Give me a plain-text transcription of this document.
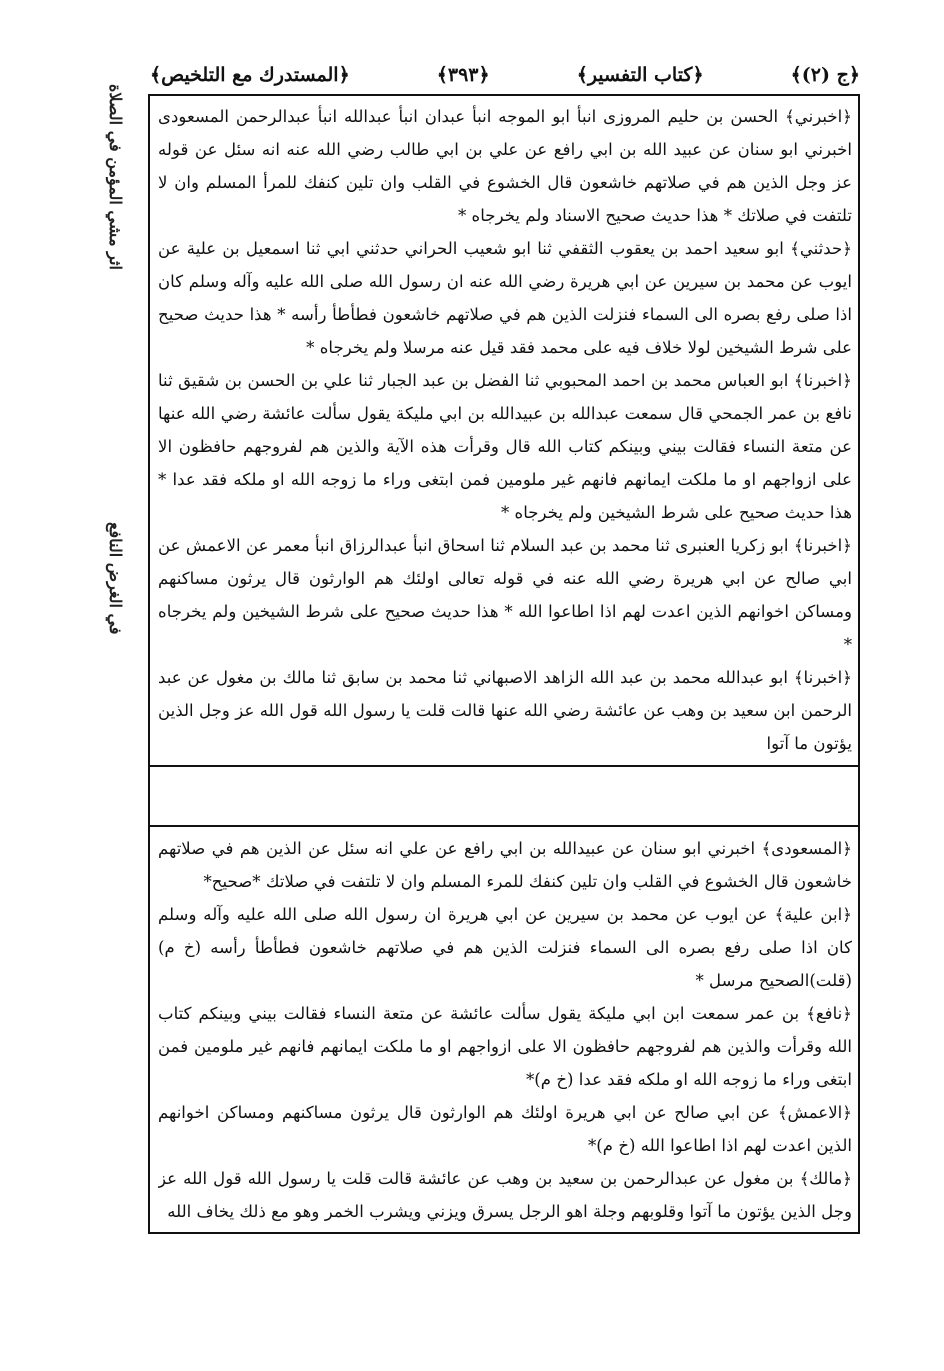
﴿المستدرك مع التلخيص﴾	﴿٣٩٣﴾	﴿كتاب التفسير﴾	﴿ج (٢)﴾
اثر مشي المؤمن في الصلاة
في الغرض النافع

﴿اخبرني﴾ الحسن بن حليم المروزى انبأ ابو الموجه انبأ عبدان انبأ عبدالله انبأ عبدالرحمن المسعودى اخبرني ابو سنان عن عبيد الله بن ابي رافع عن علي بن ابي طالب رضي الله عنه انه سئل عن قوله عز وجل الذين هم في صلاتهم خاشعون قال الخشوع في القلب وان تلين كنفك للمرأ المسلم وان لا تلتفت في صلاتك * هذا حديث صحيح الاسناد ولم يخرجاه *

﴿حدثني﴾ ابو سعيد احمد بن يعقوب الثقفي ثنا ابو شعيب الحراني حدثني ابي ثنا اسمعيل بن علية عن ايوب عن محمد بن سيرين عن ابي هريرة رضي الله عنه ان رسول الله صلى الله عليه وآله وسلم كان اذا صلى رفع بصره الى السماء فنزلت الذين هم في صلاتهم خاشعون فطأطأ رأسه * هذا حديث صحيح على شرط الشيخين لولا خلاف فيه على محمد فقد قيل عنه مرسلا ولم يخرجاه *

﴿اخبرنا﴾ ابو العباس محمد بن احمد المحبوبي ثنا الفضل بن عبد الجبار ثنا علي بن الحسن بن شقيق ثنا نافع بن عمر الجمحي قال سمعت عبدالله بن عبيدالله بن ابي مليكة يقول سألت عائشة رضي الله عنها عن متعة النساء فقالت بيني وبينكم كتاب الله قال وقرأت هذه الآية والذين هم لفروجهم حافظون الا على ازواجهم او ما ملكت ايمانهم فانهم غير ملومين فمن ابتغى وراء ما زوجه الله او ملكه فقد عدا * هذا حديث صحيح على شرط الشيخين ولم يخرجاه *

﴿اخبرنا﴾ ابو زكريا العنبرى ثنا محمد بن عبد السلام ثنا اسحاق انبأ عبدالرزاق انبأ معمر عن الاعمش عن ابي صالح عن ابي هريرة رضي الله عنه في قوله تعالى اولئك هم الوارثون قال يرثون مساكنهم ومساكن اخوانهم الذين اعدت لهم اذا اطاعوا الله * هذا حديث صحيح على شرط الشيخين ولم يخرجاه *

﴿اخبرنا﴾ ابو عبدالله محمد بن عبد الله الزاهد الاصبهاني ثنا محمد بن سابق ثنا مالك بن مغول عن عبد الرحمن ابن سعيد بن وهب عن عائشة رضي الله عنها قالت قلت يا رسول الله قول الله عز وجل الذين يؤتون ما آتوا

﴿المسعودى﴾ اخبرني ابو سنان عن عبيدالله بن ابي رافع عن علي انه سئل عن الذين هم في صلاتهم خاشعون قال الخشوع في القلب وان تلين كنفك للمرء المسلم وان لا تلتفت في صلاتك *صحيح*

﴿ابن علية﴾ عن ايوب عن محمد بن سيرين عن ابي هريرة ان رسول الله صلى الله عليه وآله وسلم كان اذا صلى رفع بصره الى السماء فنزلت الذين هم في صلاتهم خاشعون فطأطأ رأسه (خ م) (قلت)الصحيح مرسل *

﴿نافع﴾ بن عمر سمعت ابن ابي مليكة يقول سألت عائشة عن متعة النساء فقالت بيني وبينكم كتاب الله وقرأت والذين هم لفروجهم حافظون الا على ازواجهم او ما ملكت ايمانهم فانهم غير ملومين فمن ابتغى وراء ما زوجه الله او ملكه فقد عدا (خ م)*

﴿الاعمش﴾ عن ابي صالح عن ابي هريرة اولئك هم الوارثون قال يرثون مساكنهم ومساكن اخوانهم الذين اعدت لهم اذا اطاعوا الله (خ م)*

﴿مالك﴾ بن مغول عن عبدالرحمن بن سعيد بن وهب عن عائشة قالت قلت يا رسول الله قول الله عز وجل الذين يؤتون ما آتوا وقلوبهم وجلة اهو الرجل يسرق ويزني ويشرب الخمر وهو مع ذلك يخاف الله
